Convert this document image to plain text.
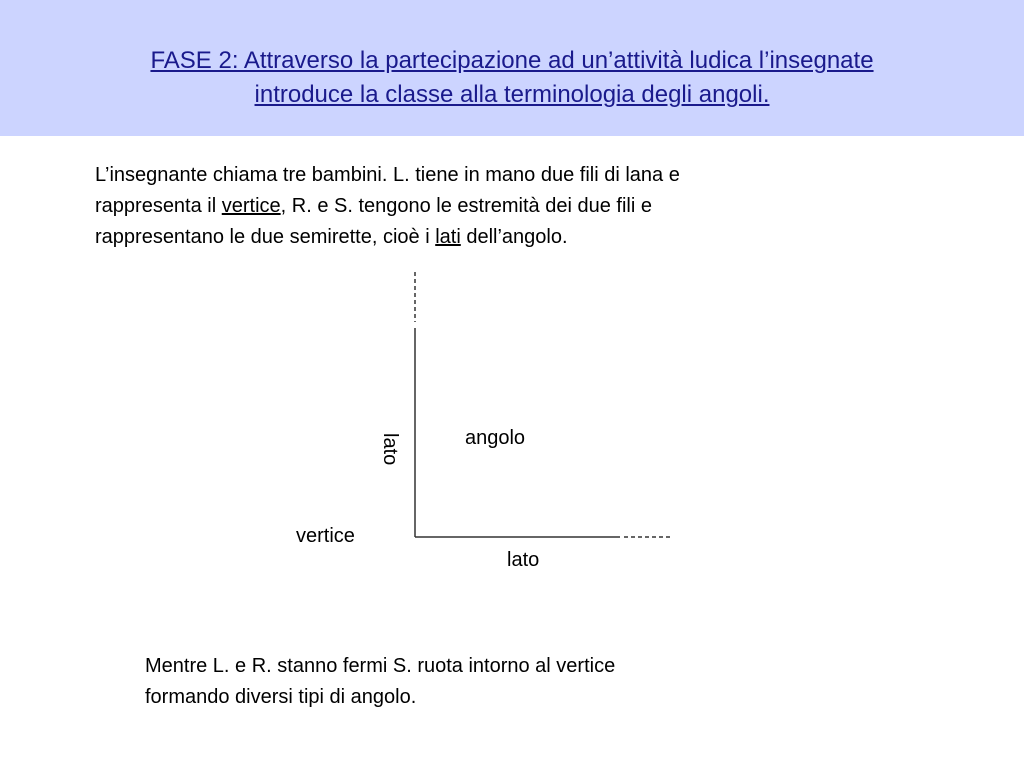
FASE 2: Attraverso la partecipazione ad un’attività ludica l’insegnate
introduce la classe alla terminologia degli angoli.

L’insegnante chiama tre bambini. L. tiene in mano due fili di lana e
rappresenta il vertice, R. e S. tengono le estremità dei due fili e
rappresentano le due semirette, cioè i lati dell’angolo.

angolo
vertice
lato
lato

Mentre L. e R. stanno fermi S. ruota intorno al vertice
formando diversi tipi di angolo.
